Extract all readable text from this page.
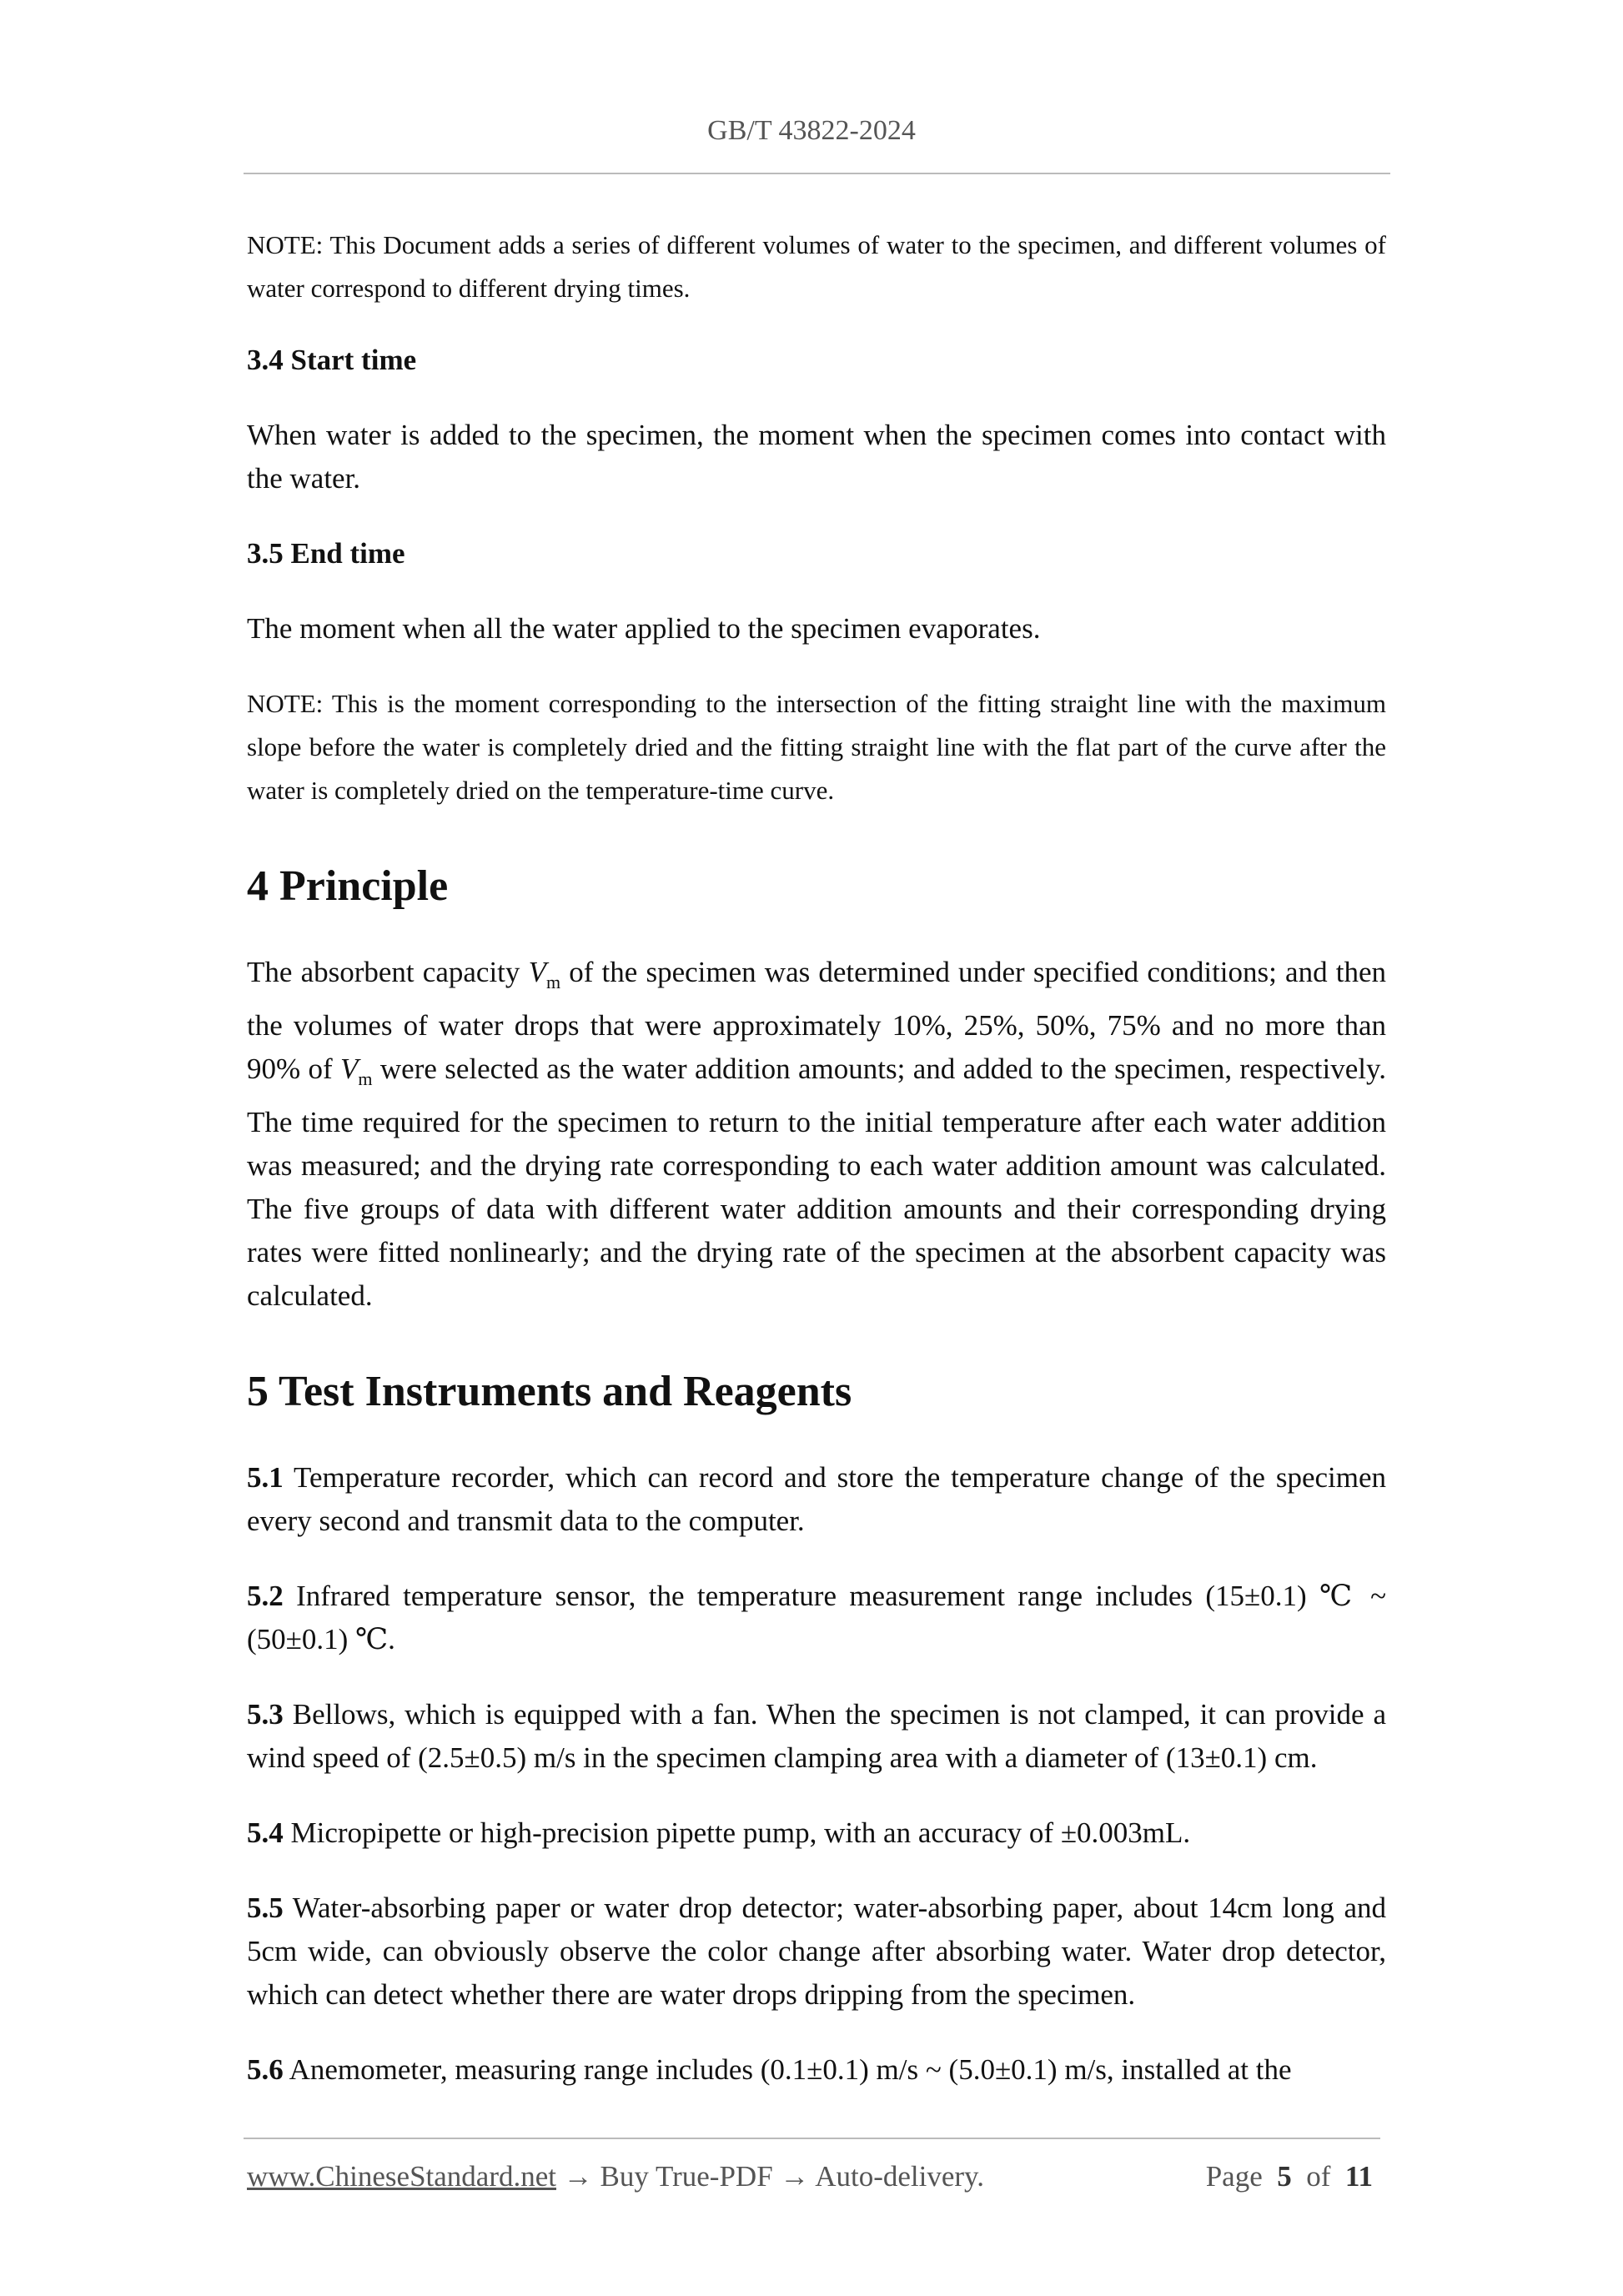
GB/T 43822-2024

NOTE: This Document adds a series of different volumes of water to the specimen, and different volumes of water correspond to different drying times.

3.4 Start time

When water is added to the specimen, the moment when the specimen comes into contact with the water.

3.5 End time

The moment when all the water applied to the specimen evaporates.

NOTE: This is the moment corresponding to the intersection of the fitting straight line with the maximum slope before the water is completely dried and the fitting straight line with the flat part of the curve after the water is completely dried on the temperature-time curve.

4 Principle

The absorbent capacity $V_m$ of the specimen was determined under specified conditions; and then the volumes of water drops that were approximately 10%, 25%, 50%, 75% and no more than 90% of $V_m$ were selected as the water addition amounts; and added to the specimen, respectively. The time required for the specimen to return to the initial temperature after each water addition was measured; and the drying rate corresponding to each water addition amount was calculated. The five groups of data with different water addition amounts and their corresponding drying rates were fitted nonlinearly; and the drying rate of the specimen at the absorbent capacity was calculated.

5 Test Instruments and Reagents

5.1 Temperature recorder, which can record and store the temperature change of the specimen every second and transmit data to the computer.

5.2 Infrared temperature sensor, the temperature measurement range includes (15±0.1) ℃ ~ (50±0.1) ℃.

5.3 Bellows, which is equipped with a fan. When the specimen is not clamped, it can provide a wind speed of (2.5±0.5) m/s in the specimen clamping area with a diameter of (13±0.1) cm.

5.4 Micropipette or high-precision pipette pump, with an accuracy of ±0.003mL.

5.5 Water-absorbing paper or water drop detector; water-absorbing paper, about 14cm long and 5cm wide, can obviously observe the color change after absorbing water. Water drop detector, which can detect whether there are water drops dripping from the specimen.

5.6 Anemometer, measuring range includes (0.1±0.1) m/s ~ (5.0±0.1) m/s, installed at the

www.ChineseStandard.net → Buy True-PDF → Auto-delivery.	Page 5 of 11
